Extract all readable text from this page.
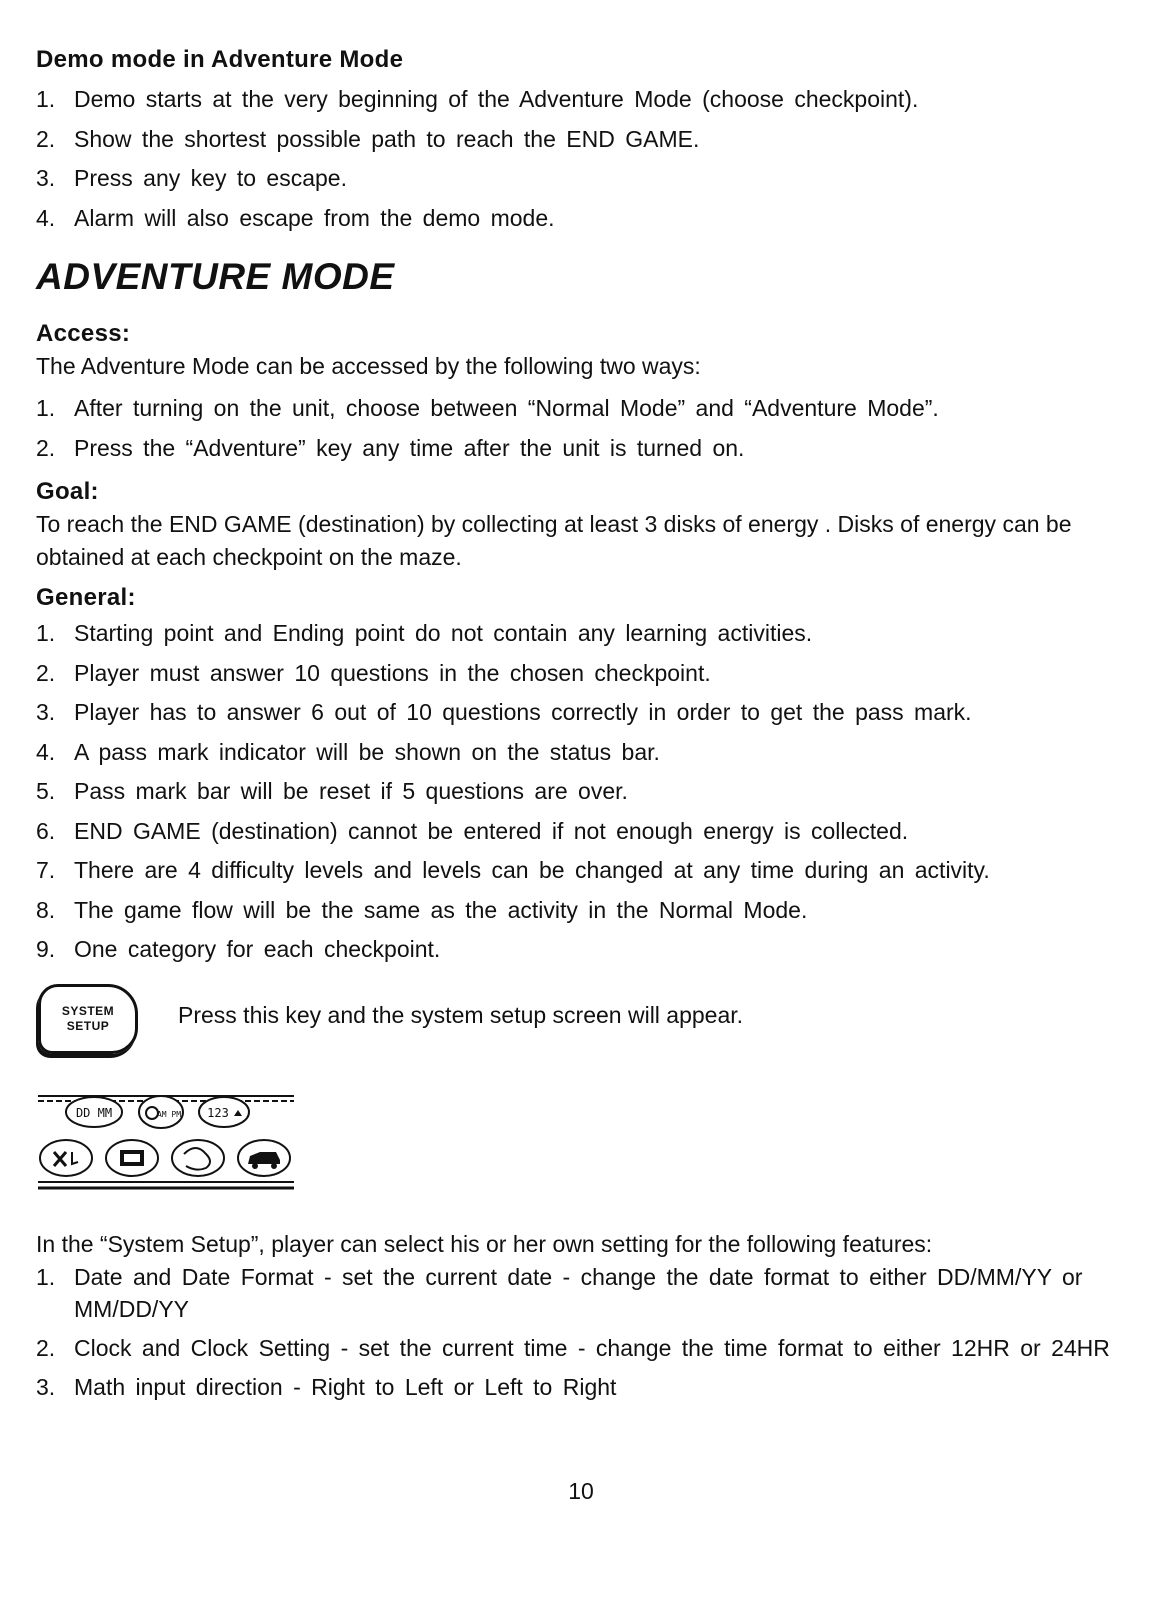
Demo mode in Adventure Mode
1. Demo starts at the very beginning of the Adventure Mode (choose checkpoint).
2. Show the shortest possible path to reach the END GAME.
3. Press any key to escape.
4. Alarm will also escape from the demo mode.
ADVENTURE MODE
Access:
The Adventure Mode can be accessed by the following two ways:
1. After turning on the unit, choose between “Normal Mode” and “Adventure Mode”.
2. Press the “Adventure” key any time after the unit is turned on.
Goal:
To reach the END GAME (destination) by collecting at least 3 disks of energy . Disks of energy can be obtained at each checkpoint on the maze.
General:
1. Starting point and Ending point do not contain any learning activities.
2. Player must answer 10 questions in the chosen checkpoint.
3. Player has to answer 6 out of 10 questions correctly in order to get the pass mark.
4. A pass mark indicator will be shown on the status bar.
5. Pass mark bar will be reset if 5 questions are over.
6. END GAME (destination) cannot be entered if not enough energy is collected.
7. There are 4 difficulty levels and levels can be changed at any time during an activity.
8. The game flow will be the same as the activity in the Normal Mode.
9. One category for each checkpoint.
SYSTEM
SETUP	Press this key and the system setup screen will appear.
DD MM	AM PM 123
In the “System Setup”, player can select his or her own setting for the following features:
1. Date and Date Format - set the current date - change the date format to either DD/MM/YY or MM/DD/YY
2. Clock and Clock Setting - set the current time - change the time format to either 12HR or 24HR
3. Math input direction - Right to Left or Left to Right
10
